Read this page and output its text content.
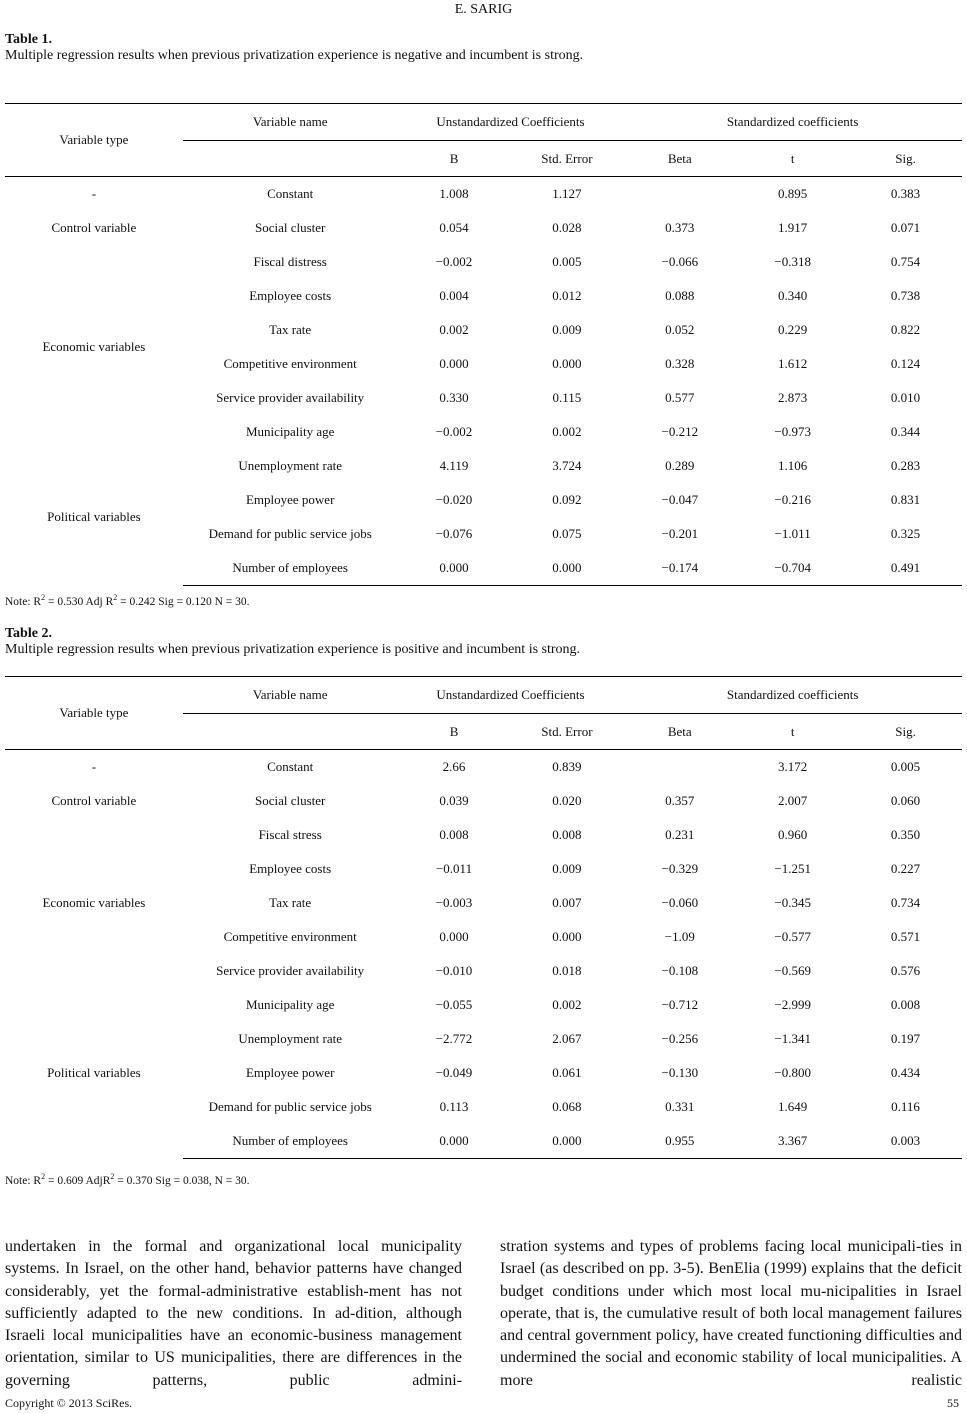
E. SARIG
Table 1.
Multiple regression results when previous privatization experience is negative and incumbent is strong.
Variable type	Variable name	Unstandardized Coefficients		Standardized coefficients		
		B	Std. Error	Beta	t	Sig.
-	Constant	1.008	1.127		0.895	0.383
Control variable	Social cluster	0.054	0.028	0.373	1.917	0.071
Economic variables	Fiscal distress	−0.002	0.005	−0.066	−0.318	0.754
	Employee costs	0.004	0.012	0.088	0.340	0.738
	Tax rate	0.002	0.009	0.052	0.229	0.822
	Competitive environment	0.000	0.000	0.328	1.612	0.124
	Service provider availability	0.330	0.115	0.577	2.873	0.010
	Municipality age	−0.002	0.002	−0.212	−0.973	0.344
Political variables	Unemployment rate	4.119	3.724	0.289	1.106	0.283
	Employee power	−0.020	0.092	−0.047	−0.216	0.831
	Demand for public service jobs	−0.076	0.075	−0.201	−1.011	0.325
	Number of employees	0.000	0.000	−0.174	−0.704	0.491
Note: $R^2 = 0.530$ Adj $R^2 = 0.242$ Sig = 0.120 N = 30.
Table 2.
Multiple regression results when previous privatization experience is positive and incumbent is strong.
Variable type	Variable name	Unstandardized Coefficients		Standardized coefficients		
		B	Std. Error	Beta	t	Sig.
-	Constant	2.66	0.839		3.172	0.005
Control variable	Social cluster	0.039	0.020	0.357	2.007	0.060
Economic variables	Fiscal stress	0.008	0.008	0.231	0.960	0.350
	Employee costs	−0.011	0.009	−0.329	−1.251	0.227
	Tax rate	−0.003	0.007	−0.060	−0.345	0.734
	Competitive environment	0.000	0.000	−1.09	−0.577	0.571
	Service provider availability	−0.010	0.018	−0.108	−0.569	0.576
Political variables	Municipality age	−0.055	0.002	−0.712	−2.999	0.008
	Unemployment rate	−2.772	2.067	−0.256	−1.341	0.197
	Employee power	−0.049	0.061	−0.130	−0.800	0.434
	Demand for public service jobs	0.113	0.068	0.331	1.649	0.116
	Number of employees	0.000	0.000	0.955	3.367	0.003
Note: $R^2 = 0.609$ AdjR$^2$ = 0.370 Sig = 0.038, N = 30.
undertaken in the formal and organizational local municipality systems. In Israel, on the other hand, behavior patterns have changed considerably, yet the formal-administrative establish-ment has not sufficiently adapted to the new conditions. In ad-dition, although Israeli local municipalities have an economic-business management orientation, similar to US municipalities, there are differences in the governing patterns, public admini-
stration systems and types of problems facing local municipali-ties in Israel (as described on pp. 3-5). BenElia (1999) explains that the deficit budget conditions under which most local mu-nicipalities in Israel operate, that is, the cumulative result of both local management failures and central government policy, have created functioning difficulties and undermined the social and economic stability of local municipalities. A more realistic
Copyright © 2013 SciRes.	55
